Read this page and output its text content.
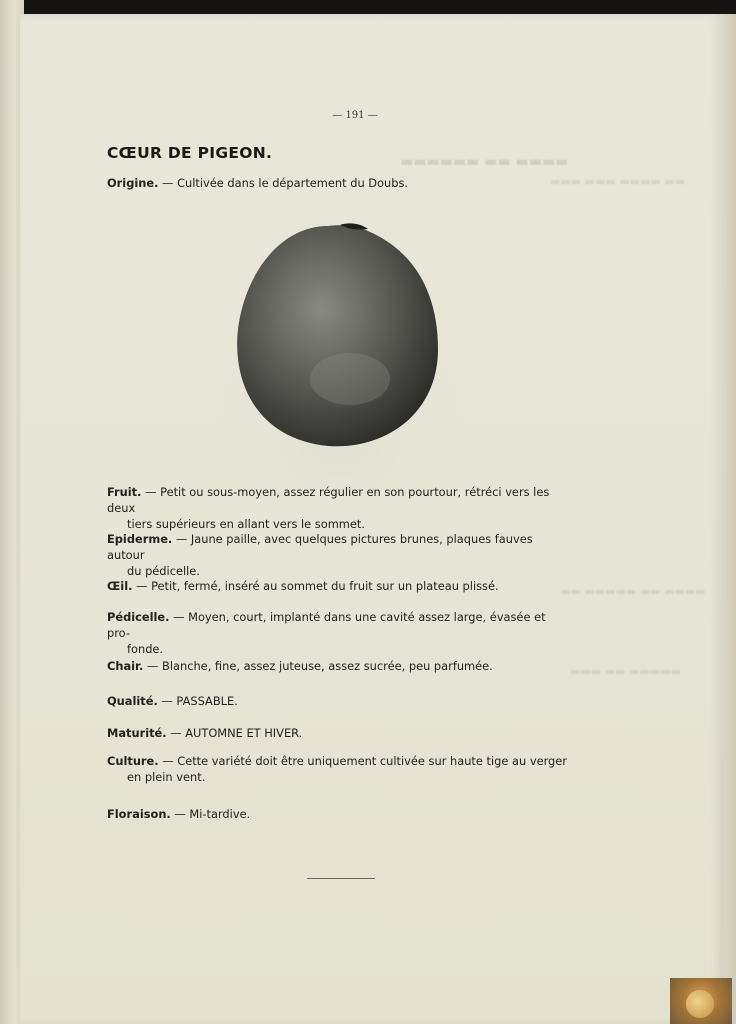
▬▬▬▬ ▬▬ ▬▬▬▬▬▬
▬▬▬ ▬▬▬ ▬▬▬▬ ▬▬
▬▬ ▬▬▬▬▬ ▬▬ ▬▬▬▬
▬▬▬ ▬▬ ▬▬▬▬▬
— 191 —
CŒUR DE PIGEON.
Origine. — Cultivée dans le département du Doubs.
Fruit. — Petit ou sous-moyen, assez régulier en son pourtour, rétréci vers les deux
tiers supérieurs en allant vers le sommet.
Epiderme. — Jaune paille, avec quelques pictures brunes, plaques fauves autour
du pédicelle.
Œil. — Petit, fermé, inséré au sommet du fruit sur un plateau plissé.
Pédicelle. — Moyen, court, implanté dans une cavité assez large, évasée et pro-
fonde.
Chair. — Blanche, fine, assez juteuse, assez sucrée, peu parfumée.
Qualité. — PASSABLE.
Maturité. — AUTOMNE ET HIVER.
Culture. — Cette variété doit être uniquement cultivée sur haute tige au verger
en plein vent.
Floraison. — Mi-tardive.
